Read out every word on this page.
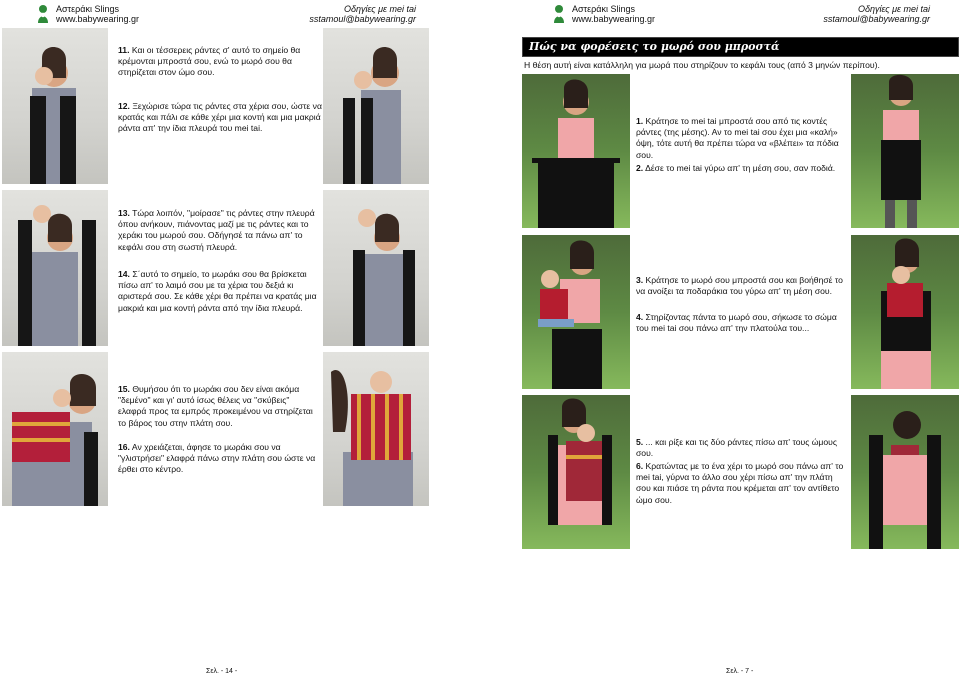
Αστεράκι Slings
www.babywearing.gr
Οδηγίες με mei tai
sstamoul@babywearing.gr
11. Και οι τέσσερεις ράντες σ' αυτό το σημείο θα κρέμονται μπροστά σου, ενώ το μωρό σου θα στηρίζεται στον ώμο σου.
12. Ξεχώρισε τώρα τις ράντες στα χέρια σου, ώστε να κρατάς και πάλι σε κάθε χέρι μια κοντή και μια μακριά ράντα απ' την ίδια πλευρά του mei tai.
13. Τώρα λοιπόν, "μοίρασε" τις ράντες στην πλευρά όπου ανήκουν, πιάνοντας μαζί με τις ράντες και το χεράκι του μωρού σου. Οδήγησέ τα πάνω απ' το κεφάλι σου στη σωστή πλευρά.
14. Σ΄αυτό το σημείο, το μωράκι σου θα βρίσκεται πίσω απ' το λαιμό σου με τα χέρια του δεξιά κι αριστερά σου. Σε κάθε χέρι θα πρέπει να κρατάς μια μακριά και μια κοντή ράντα από την ίδια πλευρά.
15. Θυμήσου ότι το μωράκι σου δεν είναι ακόμα "δεμένο" και γι' αυτό ίσως θέλεις να "σκύβεις" ελαφρά προς τα εμπρός προκειμένου να στηρίζεται το βάρος του στην πλάτη σου.
16. Αν χρειάζεται, άφησε το μωράκι σου να "γλιστρήσει" ελαφρά πάνω στην πλάτη σου ώστε να έρθει στο κέντρο.
Σελ. - 14 -
Αστεράκι Slings
www.babywearing.gr
Οδηγίες με mei tai
sstamoul@babywearing.gr
Πώς να φορέσεις το μωρό σου μπροστά
Η θέση αυτή είναι κατάλληλη για μωρά που στηρίζουν το κεφάλι τους (από 3 μηνών περίπου).
1. Κράτησε το mei tai μπροστά σου από τις κοντές ράντες (της μέσης). Αν το mei tai σου έχει μια «καλή» όψη, τότε αυτή θα πρέπει τώρα να «βλέπει» τα πόδια σου.
2. Δέσε το mei tai γύρω απ' τη μέση σου, σαν ποδιά.
3. Κράτησε το μωρό σου μπροστά σου και βοήθησέ το να ανοίξει τα ποδαράκια του γύρω απ' τη μέση σου.
4. Στηρίζοντας πάντα το μωρό σου, σήκωσε το σώμα του mei tai σου πάνω απ' την πλατούλα του...
5. ... και ρίξε και τις δύο ράντες πίσω απ' τους ώμους σου.
6. Κρατώντας με το ένα χέρι το μωρό σου πάνω απ' το mei tai, γύρνα το άλλο σου χέρι πίσω απ' την πλάτη σου και πιάσε τη ράντα που κρέμεται απ' τον αντίθετο ώμο σου.
Σελ. - 7 -
